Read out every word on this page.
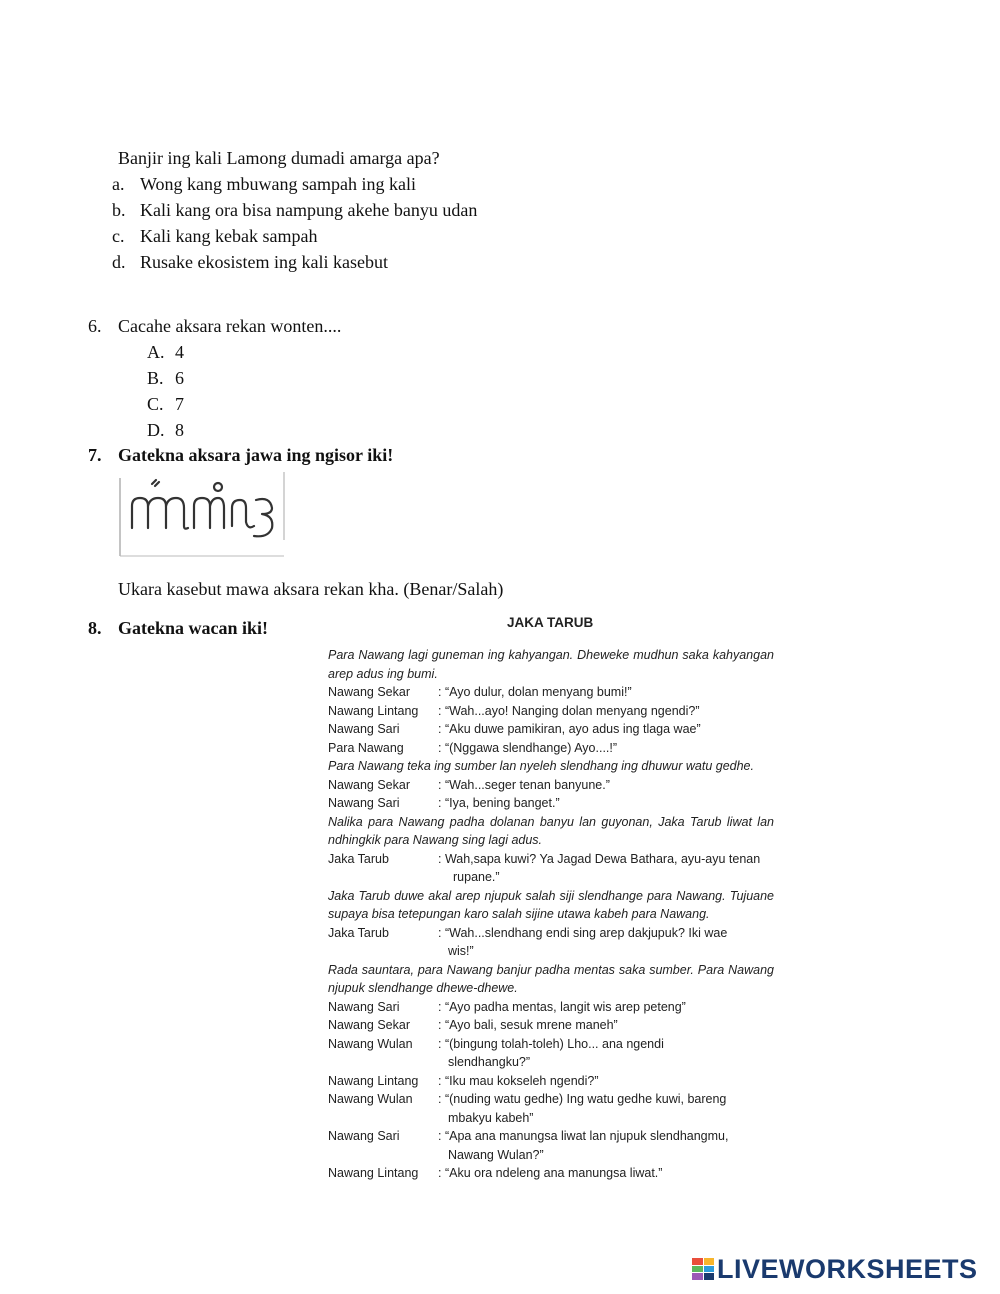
Banjir ing kali Lamong dumadi amarga apa?
a. Wong kang mbuwang sampah ing kali
b. Kali kang ora bisa nampung akehe banyu udan
c. Kali kang kebak sampah
d. Rusake ekosistem ing kali kasebut
6. Cacahe aksara rekan wonten....
A. 4
B. 6
C. 7
D. 8
7. Gatekna aksara jawa ing ngisor iki!
Ukara kasebut mawa aksara rekan kha. (Benar/Salah)
8. Gatekna wacan iki!	JAKA TARUB
Para Nawang lagi guneman ing kahyangan. Dheweke mudhun saka kahyangan arep adus ing bumi.
Nawang Sekar	: “Ayo dulur, dolan menyang bumi!”
Nawang Lintang	: “Wah...ayo! Nanging dolan menyang ngendi?”
Nawang Sari	: “Aku duwe pamikiran, ayo adus ing tlaga wae”
Para Nawang	: “(Nggawa slendhange) Ayo....!”
Para Nawang teka ing sumber lan nyeleh slendhang ing dhuwur watu gedhe.
Nawang Sekar	: “Wah...seger tenan banyune.”
Nawang Sari	: “Iya, bening banget.”
Nalika para Nawang padha dolanan banyu lan guyonan, Jaka Tarub liwat lan ndhingkik para Nawang sing lagi adus.
Jaka Tarub	: Wah,sapa kuwi? Ya Jagad Dewa Bathara, ayu-ayu tenan
rupane.”
Jaka Tarub duwe akal arep njupuk salah siji slendhange para Nawang. Tujuane supaya bisa tetepungan karo salah sijine utawa kabeh para Nawang.
Jaka Tarub	: “Wah...slendhang endi sing arep dakjupuk? Iki wae
wis!”
Rada sauntara, para Nawang banjur padha mentas saka sumber. Para Nawang njupuk slendhange dhewe-dhewe.
Nawang Sari	: “Ayo padha mentas, langit wis arep peteng”
Nawang Sekar	: “Ayo bali, sesuk mrene maneh”
Nawang Wulan	: “(bingung tolah-toleh) Lho... ana ngendi
slendhangku?”
Nawang Lintang	: “Iku mau kokseleh ngendi?”
Nawang Wulan	: “(nuding watu gedhe) Ing watu gedhe kuwi, bareng
mbakyu kabeh”
Nawang Sari	: “Apa ana manungsa liwat lan njupuk slendhangmu,
Nawang Wulan?”
Nawang Lintang	: “Aku ora ndeleng ana manungsa liwat.”
LIVEWORKSHEETS
